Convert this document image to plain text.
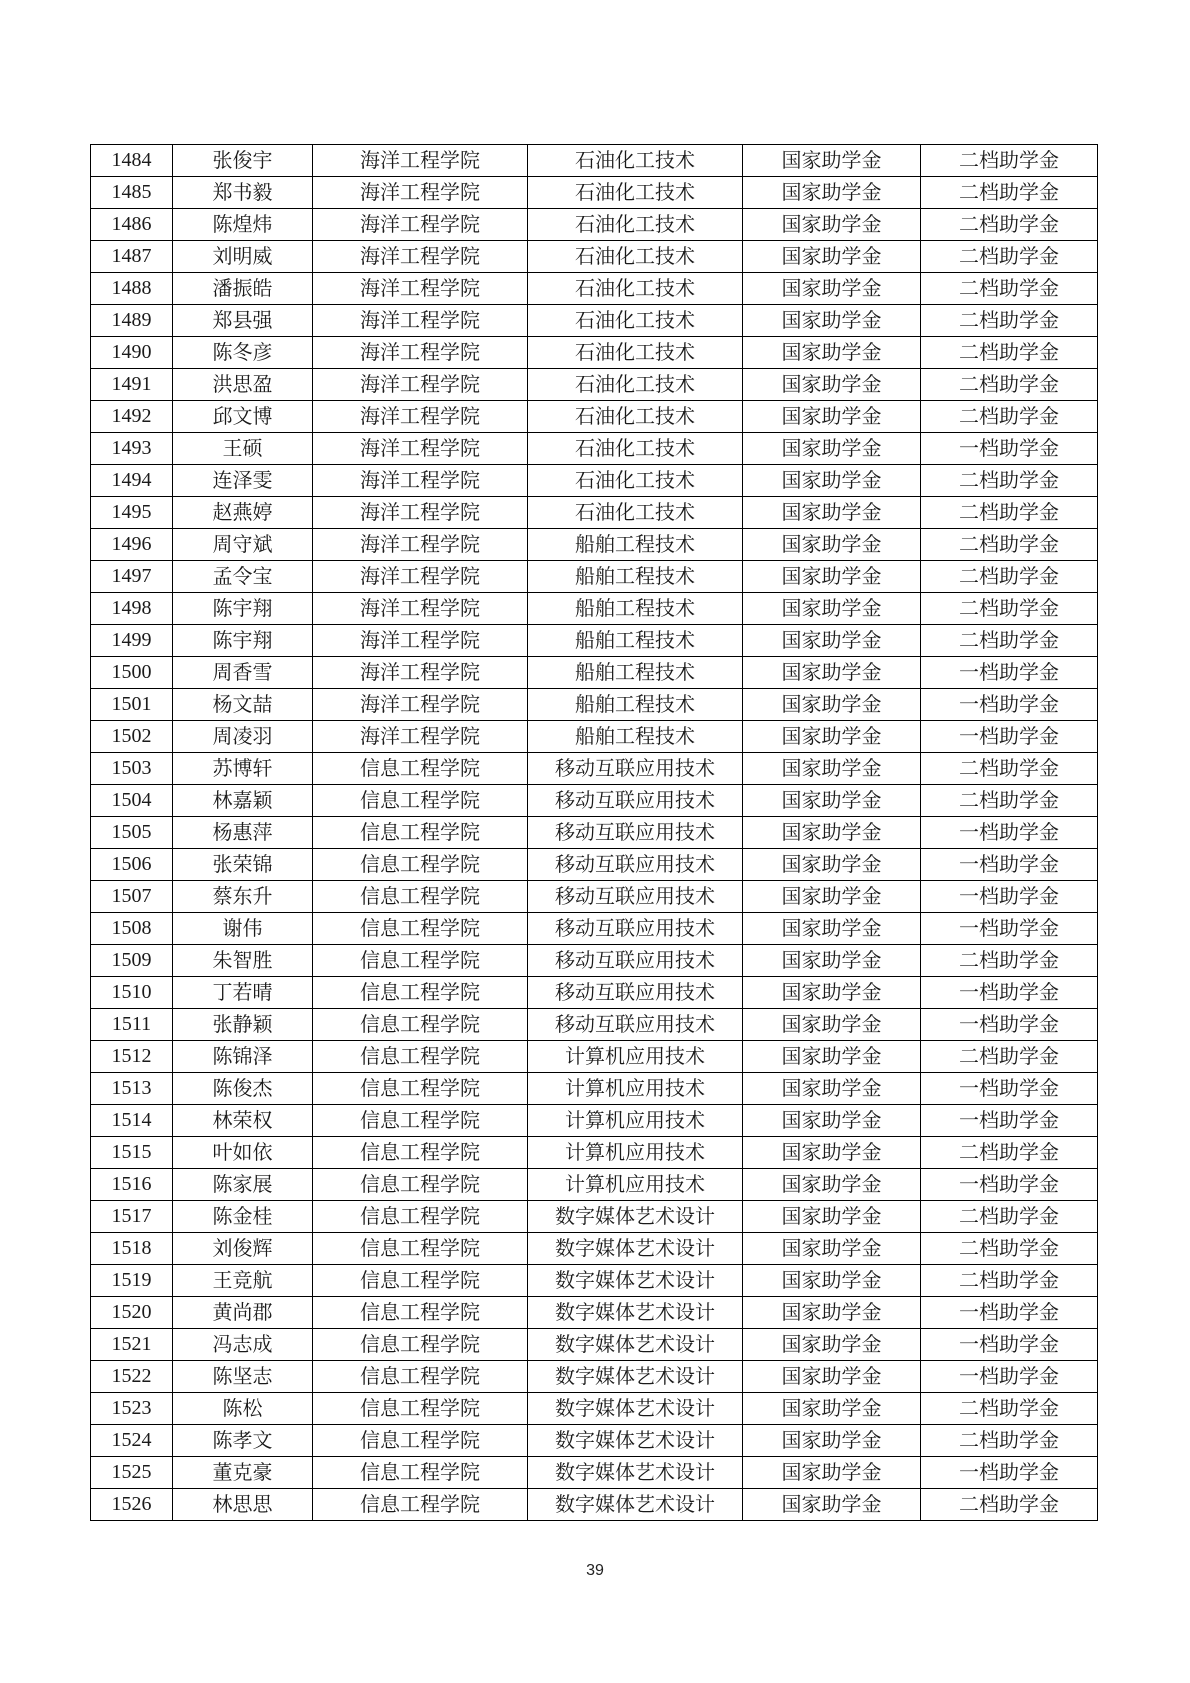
1484	张俊宇	海洋工程学院	石油化工技术	国家助学金	二档助学金
1485	郑书毅	海洋工程学院	石油化工技术	国家助学金	二档助学金
1486	陈煌炜	海洋工程学院	石油化工技术	国家助学金	二档助学金
1487	刘明威	海洋工程学院	石油化工技术	国家助学金	二档助学金
1488	潘振皓	海洋工程学院	石油化工技术	国家助学金	二档助学金
1489	郑县强	海洋工程学院	石油化工技术	国家助学金	二档助学金
1490	陈冬彦	海洋工程学院	石油化工技术	国家助学金	二档助学金
1491	洪思盈	海洋工程学院	石油化工技术	国家助学金	二档助学金
1492	邱文博	海洋工程学院	石油化工技术	国家助学金	二档助学金
1493	王硕	海洋工程学院	石油化工技术	国家助学金	一档助学金
1494	连泽雯	海洋工程学院	石油化工技术	国家助学金	二档助学金
1495	赵燕婷	海洋工程学院	石油化工技术	国家助学金	二档助学金
1496	周守斌	海洋工程学院	船舶工程技术	国家助学金	二档助学金
1497	孟令宝	海洋工程学院	船舶工程技术	国家助学金	二档助学金
1498	陈宇翔	海洋工程学院	船舶工程技术	国家助学金	二档助学金
1499	陈宇翔	海洋工程学院	船舶工程技术	国家助学金	二档助学金
1500	周香雪	海洋工程学院	船舶工程技术	国家助学金	一档助学金
1501	杨文喆	海洋工程学院	船舶工程技术	国家助学金	一档助学金
1502	周凌羽	海洋工程学院	船舶工程技术	国家助学金	一档助学金
1503	苏博轩	信息工程学院	移动互联应用技术	国家助学金	二档助学金
1504	林嘉颖	信息工程学院	移动互联应用技术	国家助学金	二档助学金
1505	杨惠萍	信息工程学院	移动互联应用技术	国家助学金	一档助学金
1506	张荣锦	信息工程学院	移动互联应用技术	国家助学金	一档助学金
1507	蔡东升	信息工程学院	移动互联应用技术	国家助学金	一档助学金
1508	谢伟	信息工程学院	移动互联应用技术	国家助学金	一档助学金
1509	朱智胜	信息工程学院	移动互联应用技术	国家助学金	二档助学金
1510	丁若晴	信息工程学院	移动互联应用技术	国家助学金	一档助学金
1511	张静颖	信息工程学院	移动互联应用技术	国家助学金	一档助学金
1512	陈锦泽	信息工程学院	计算机应用技术	国家助学金	二档助学金
1513	陈俊杰	信息工程学院	计算机应用技术	国家助学金	一档助学金
1514	林荣权	信息工程学院	计算机应用技术	国家助学金	一档助学金
1515	叶如依	信息工程学院	计算机应用技术	国家助学金	二档助学金
1516	陈家展	信息工程学院	计算机应用技术	国家助学金	一档助学金
1517	陈金桂	信息工程学院	数字媒体艺术设计	国家助学金	二档助学金
1518	刘俊辉	信息工程学院	数字媒体艺术设计	国家助学金	二档助学金
1519	王竞航	信息工程学院	数字媒体艺术设计	国家助学金	二档助学金
1520	黄尚郡	信息工程学院	数字媒体艺术设计	国家助学金	一档助学金
1521	冯志成	信息工程学院	数字媒体艺术设计	国家助学金	一档助学金
1522	陈坚志	信息工程学院	数字媒体艺术设计	国家助学金	一档助学金
1523	陈松	信息工程学院	数字媒体艺术设计	国家助学金	二档助学金
1524	陈孝文	信息工程学院	数字媒体艺术设计	国家助学金	二档助学金
1525	董克豪	信息工程学院	数字媒体艺术设计	国家助学金	一档助学金
1526	林思思	信息工程学院	数字媒体艺术设计	国家助学金	二档助学金
39
